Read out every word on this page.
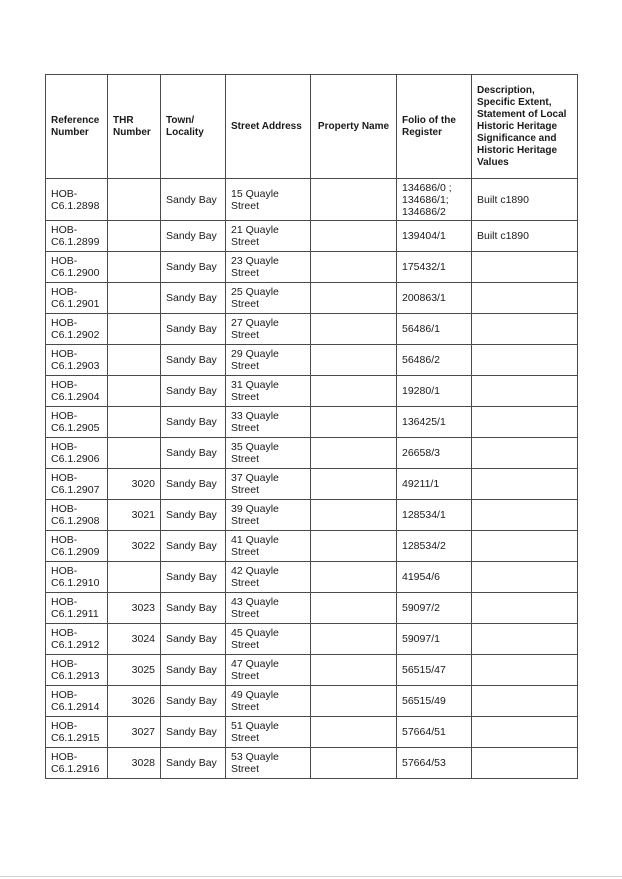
Reference Number	THR Number	Town/ Locality	Street Address	Property Name	Folio of the Register	Description, Specific Extent, Statement of Local Historic Heritage Significance and Historic Heritage Values
HOB-C6.1.2898		Sandy Bay	15 Quayle Street		134686/0 ; 134686/1; 134686/2	Built c1890
HOB-C6.1.2899		Sandy Bay	21 Quayle Street		139404/1	Built c1890
HOB-C6.1.2900		Sandy Bay	23 Quayle Street		175432/1	
HOB-C6.1.2901		Sandy Bay	25 Quayle Street		200863/1	
HOB-C6.1.2902		Sandy Bay	27 Quayle Street		56486/1	
HOB-C6.1.2903		Sandy Bay	29 Quayle Street		56486/2	
HOB-C6.1.2904		Sandy Bay	31 Quayle Street		19280/1	
HOB-C6.1.2905		Sandy Bay	33 Quayle Street		136425/1	
HOB-C6.1.2906		Sandy Bay	35 Quayle Street		26658/3	
HOB-C6.1.2907	3020	Sandy Bay	37 Quayle Street		49211/1	
HOB-C6.1.2908	3021	Sandy Bay	39 Quayle Street		128534/1	
HOB-C6.1.2909	3022	Sandy Bay	41 Quayle Street		128534/2	
HOB-C6.1.2910		Sandy Bay	42 Quayle Street		41954/6	
HOB-C6.1.2911	3023	Sandy Bay	43 Quayle Street		59097/2	
HOB-C6.1.2912	3024	Sandy Bay	45 Quayle Street		59097/1	
HOB-C6.1.2913	3025	Sandy Bay	47 Quayle Street		56515/47	
HOB-C6.1.2914	3026	Sandy Bay	49 Quayle Street		56515/49	
HOB-C6.1.2915	3027	Sandy Bay	51 Quayle Street		57664/51	
HOB-C6.1.2916	3028	Sandy Bay	53 Quayle Street		57664/53	
